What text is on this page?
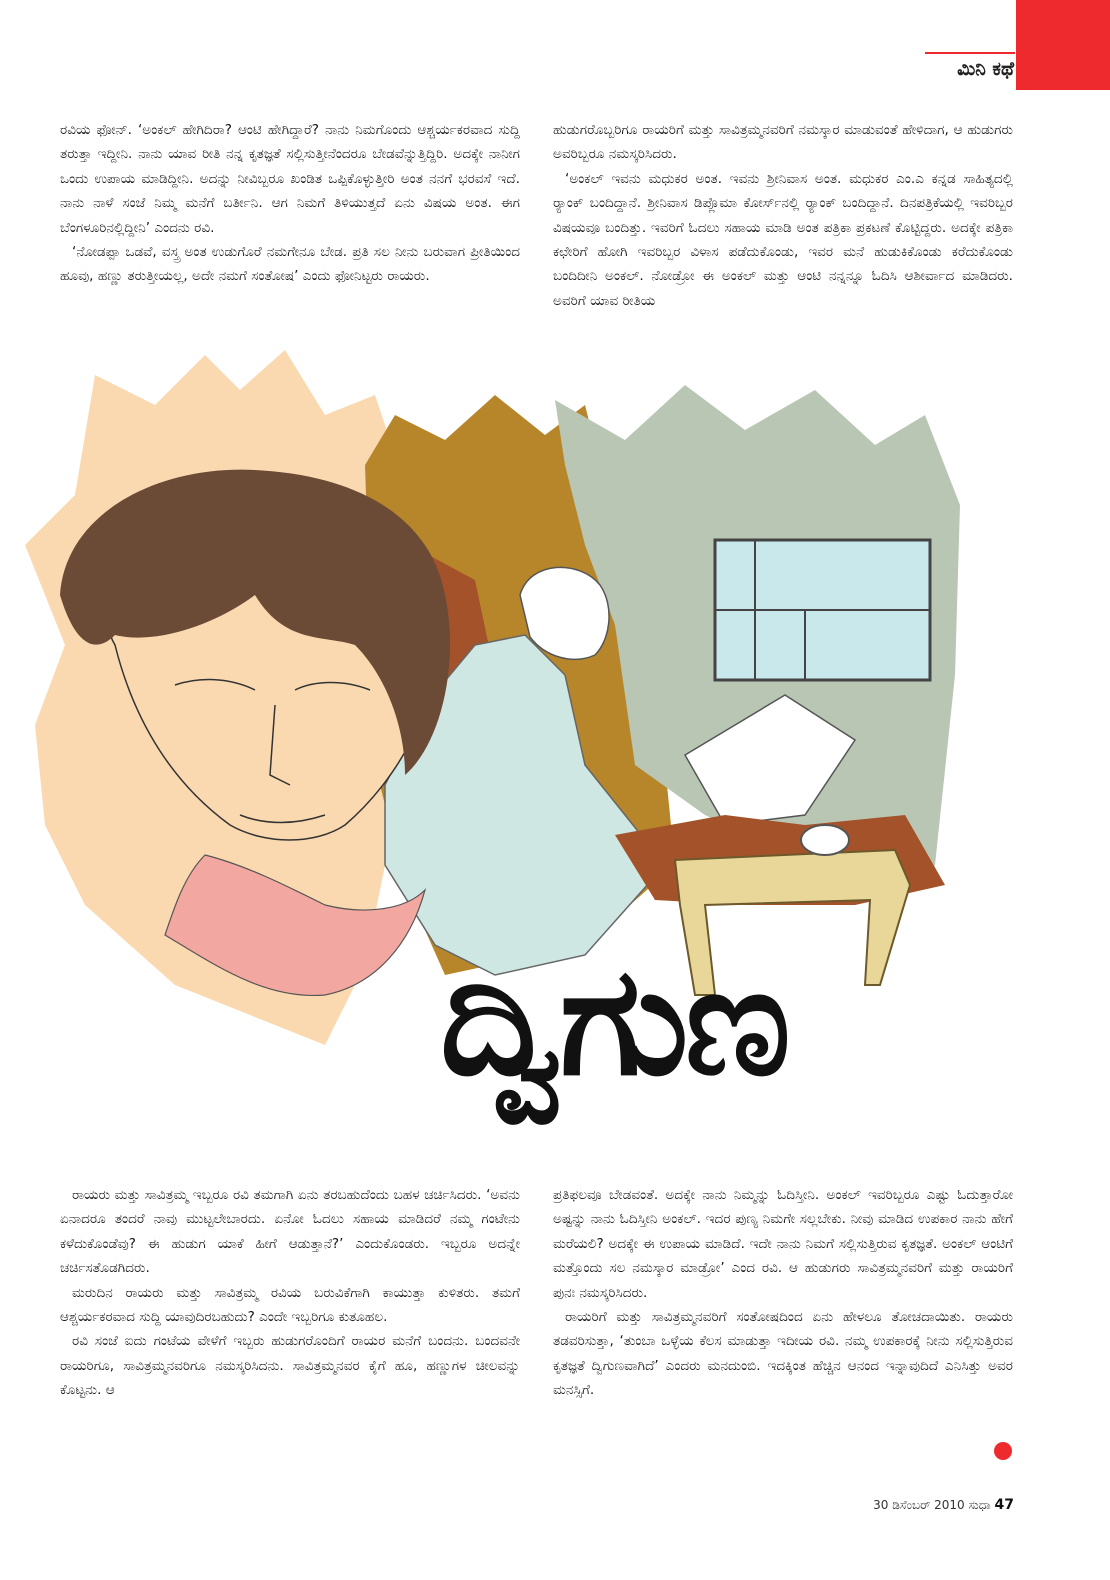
ಮಿನಿ ಕಥೆ

ರವಿಯ ಫೋನ್. ‘ಅಂಕಲ್ ಹೇಗಿದಿರಾ? ಆಂಟಿ ಹೇಗಿದ್ದಾರೆ? ನಾನು ನಿಮಗೊಂದು ಆಶ್ಚರ್ಯಕರವಾದ ಸುದ್ದಿ ತರುತ್ತಾ ಇದ್ದೀನಿ. ನಾನು ಯಾವ ರೀತಿ ನನ್ನ ಕೃತಜ್ಞತೆ ಸಲ್ಲಿಸುತ್ತೀನೆಂದರೂ ಬೇಡವೆನ್ನುತ್ತಿದ್ದಿರಿ. ಅದಕ್ಕೇ ನಾನೀಗ ಒಂದು ಉಪಾಯ ಮಾಡಿದ್ದೀನಿ. ಅದನ್ನು ನೀವಿಬ್ಬರೂ ಖಂಡಿತ ಒಪ್ಪಿಕೊಳ್ಳುತ್ತೀರಿ ಅಂತ ನನಗೆ ಭರವಸೆ ಇದೆ. ನಾನು ನಾಳೆ ಸಂಜೆ ನಿಮ್ಮ ಮನೆಗೆ ಬರ್ತೀನಿ. ಆಗ ನಿಮಗೆ ತಿಳಿಯುತ್ತದೆ ಏನು ವಿಷಯ ಅಂತ. ಈಗ ಬೆಂಗಳೂರಿನಲ್ಲಿದ್ದೀನಿ’ ಎಂದನು ರವಿ.

‘ನೋಡಪ್ಪಾ ಒಡವೆ, ವಸ್ತ್ರ ಅಂತ ಉಡುಗೊರೆ ನಮಗೇನೂ ಬೇಡ. ಪ್ರತಿ ಸಲ ನೀನು ಬರುವಾಗ ಪ್ರೀತಿಯಿಂದ ಹೂವು, ಹಣ್ಣು ತರುತ್ತೀಯಲ್ಲ, ಅದೇ ನಮಗೆ ಸಂತೋಷ’ ಎಂದು ಫೋನಿಟ್ಟರು ರಾಯರು.

ಹುಡುಗರೊಬ್ಬರಿಗೂ ರಾಯರಿಗೆ ಮತ್ತು ಸಾವಿತ್ರಮ್ಮನವರಿಗೆ ನಮಸ್ಕಾರ ಮಾಡುವಂತೆ ಹೇಳಿದಾಗ, ಆ ಹುಡುಗರು ಅವರಿಬ್ಬರೂ ನಮಸ್ಕರಿಸಿದರು.

‘ಅಂಕಲ್ ಇವನು ಮಧುಕರ ಅಂತ. ಇವನು ಶ್ರೀನಿವಾಸ ಅಂತ. ಮಧುಕರ ಎಂ.ಎ ಕನ್ನಡ ಸಾಹಿತ್ಯದಲ್ಲಿ ರ‍್ಯಾಂಕ್ ಬಂದಿದ್ದಾನೆ. ಶ್ರೀನಿವಾಸ ಡಿಪ್ಲೊಮಾ ಕೋರ್ಸ್‌ನಲ್ಲಿ ರ‍್ಯಾಂಕ್ ಬಂದಿದ್ದಾನೆ. ದಿನಪತ್ರಿಕೆಯಲ್ಲಿ ಇವರಿಬ್ಬರ ವಿಷಯವೂ ಬಂದಿತ್ತು. ಇವರಿಗೆ ಓದಲು ಸಹಾಯ ಮಾಡಿ ಅಂತ ಪತ್ರಿಕಾ ಪ್ರಕಟಣೆ ಕೊಟ್ಟಿದ್ದರು. ಅದಕ್ಕೇ ಪತ್ರಿಕಾ ಕಛೇರಿಗೆ ಹೋಗಿ ಇವರಿಬ್ಬರ ವಿಳಾಸ ಪಡೆದುಕೊಂಡು, ಇವರ ಮನೆ ಹುಡುಕಿಕೊಂಡು ಕರೆದುಕೊಂಡು ಬಂದಿದೀನಿ ಅಂಕಲ್. ನೋಡ್ರೋ ಈ ಅಂಕಲ್ ಮತ್ತು ಆಂಟಿ ನನ್ನನ್ನೂ ಓದಿಸಿ ಆಶೀರ್ವಾದ ಮಾಡಿದರು. ಅವರಿಗೆ ಯಾವ ರೀತಿಯ

ದ್ವಿಗುಣ

ರಾಯರು ಮತ್ತು ಸಾವಿತ್ರಮ್ಮ ಇಬ್ಬರೂ ರವಿ ತಮಗಾಗಿ ಏನು ತರಬಹುದೆಂದು ಬಹಳ ಚರ್ಚಿಸಿದರು. ‘ಅವನು ಏನಾದರೂ ತಂದರೆ ನಾವು ಮುಟ್ಟಲೇಬಾರದು. ಏನೋ ಓದಲು ಸಹಾಯ ಮಾಡಿದರೆ ನಮ್ಮ ಗಂಟೇನು ಕಳೆದುಕೊಂಡೆವು? ಈ ಹುಡುಗ ಯಾಕೆ ಹೀಗೆ ಆಡುತ್ತಾನೆ?’ ಎಂದುಕೊಂಡರು. ಇಬ್ಬರೂ ಅದನ್ನೇ ಚರ್ಚಿಸತೊಡಗಿದರು.

ಮರುದಿನ ರಾಯರು ಮತ್ತು ಸಾವಿತ್ರಮ್ಮ ರವಿಯ ಬರುವಿಕೆಗಾಗಿ ಕಾಯುತ್ತಾ ಕುಳಿತರು. ತಮಗೆ ಆಶ್ಚರ್ಯಕರವಾದ ಸುದ್ದಿ ಯಾವುದಿರಬಹುದು? ಎಂದೇ ಇಬ್ಬರಿಗೂ ಕುತೂಹಲ.

ರವಿ ಸಂಜೆ ಐದು ಗಂಟೆಯ ವೇಳೆಗೆ ಇಬ್ಬರು ಹುಡುಗರೊಂದಿಗೆ ರಾಯರ ಮನೆಗೆ ಬಂದನು. ಬಂದವನೇ ರಾಯರಿಗೂ, ಸಾವಿತ್ರಮ್ಮನವರಿಗೂ ನಮಸ್ಕರಿಸಿದನು. ಸಾವಿತ್ರಮ್ಮನವರ ಕೈಗೆ ಹೂ, ಹಣ್ಣುಗಳ ಚೀಲವನ್ನು ಕೊಟ್ಟನು. ಆ

ಪ್ರತಿಫಲವೂ ಬೇಡವಂತೆ. ಅದಕ್ಕೇ ನಾನು ನಿಮ್ಮನ್ನು ಓದಿಸ್ತೀನಿ. ಅಂಕಲ್ ಇವರಿಬ್ಬರೂ ಎಷ್ಟು ಓದುತ್ತಾರೋ ಅಷ್ಟನ್ನು ನಾನು ಓದಿಸ್ತೀನಿ ಅಂಕಲ್. ಇದರ ಪುಣ್ಯ ನಿಮಗೇ ಸಲ್ಲಬೇಕು. ನೀವು ಮಾಡಿದ ಉಪಕಾರ ನಾನು ಹೇಗೆ ಮರೆಯಲಿ? ಅದಕ್ಕೇ ಈ ಉಪಾಯ ಮಾಡಿದೆ. ಇದೇ ನಾನು ನಿಮಗೆ ಸಲ್ಲಿಸುತ್ತಿರುವ ಕೃತಜ್ಞತೆ. ಅಂಕಲ್ ಆಂಟಿಗೆ ಮತ್ತೊಂದು ಸಲ ನಮಸ್ಕಾರ ಮಾಡ್ರೋ’ ಎಂದ ರವಿ. ಆ ಹುಡುಗರು ಸಾವಿತ್ರಮ್ಮನವರಿಗೆ ಮತ್ತು ರಾಯರಿಗೆ ಪುನಃ ನಮಸ್ಕರಿಸಿದರು.

ರಾಯರಿಗೆ ಮತ್ತು ಸಾವಿತ್ರಮ್ಮನವರಿಗೆ ಸಂತೋಷದಿಂದ ಏನು ಹೇಳಲೂ ತೋಚದಾಯಿತು. ರಾಯರು ತಡವರಿಸುತ್ತಾ, ‘ತುಂಬಾ ಒಳ್ಳೆಯ ಕೆಲಸ ಮಾಡುತ್ತಾ ಇದೀಯ ರವಿ. ನಮ್ಮ ಉಪಕಾರಕ್ಕೆ ನೀನು ಸಲ್ಲಿಸುತ್ತಿರುವ ಕೃತಜ್ಞತೆ ದ್ವಿಗುಣವಾಗಿದೆ’ ಎಂದರು ಮನದುಂಬಿ. ಇದಕ್ಕಿಂತ ಹೆಚ್ಚಿನ ಆನಂದ ಇನ್ನಾವುದಿದೆ ಎನಿಸಿತ್ತು ಅವರ ಮನಸ್ಸಿಗೆ.

30 ಡಿಸೆಂಬರ್ 2010 ಸುಧಾ 47
